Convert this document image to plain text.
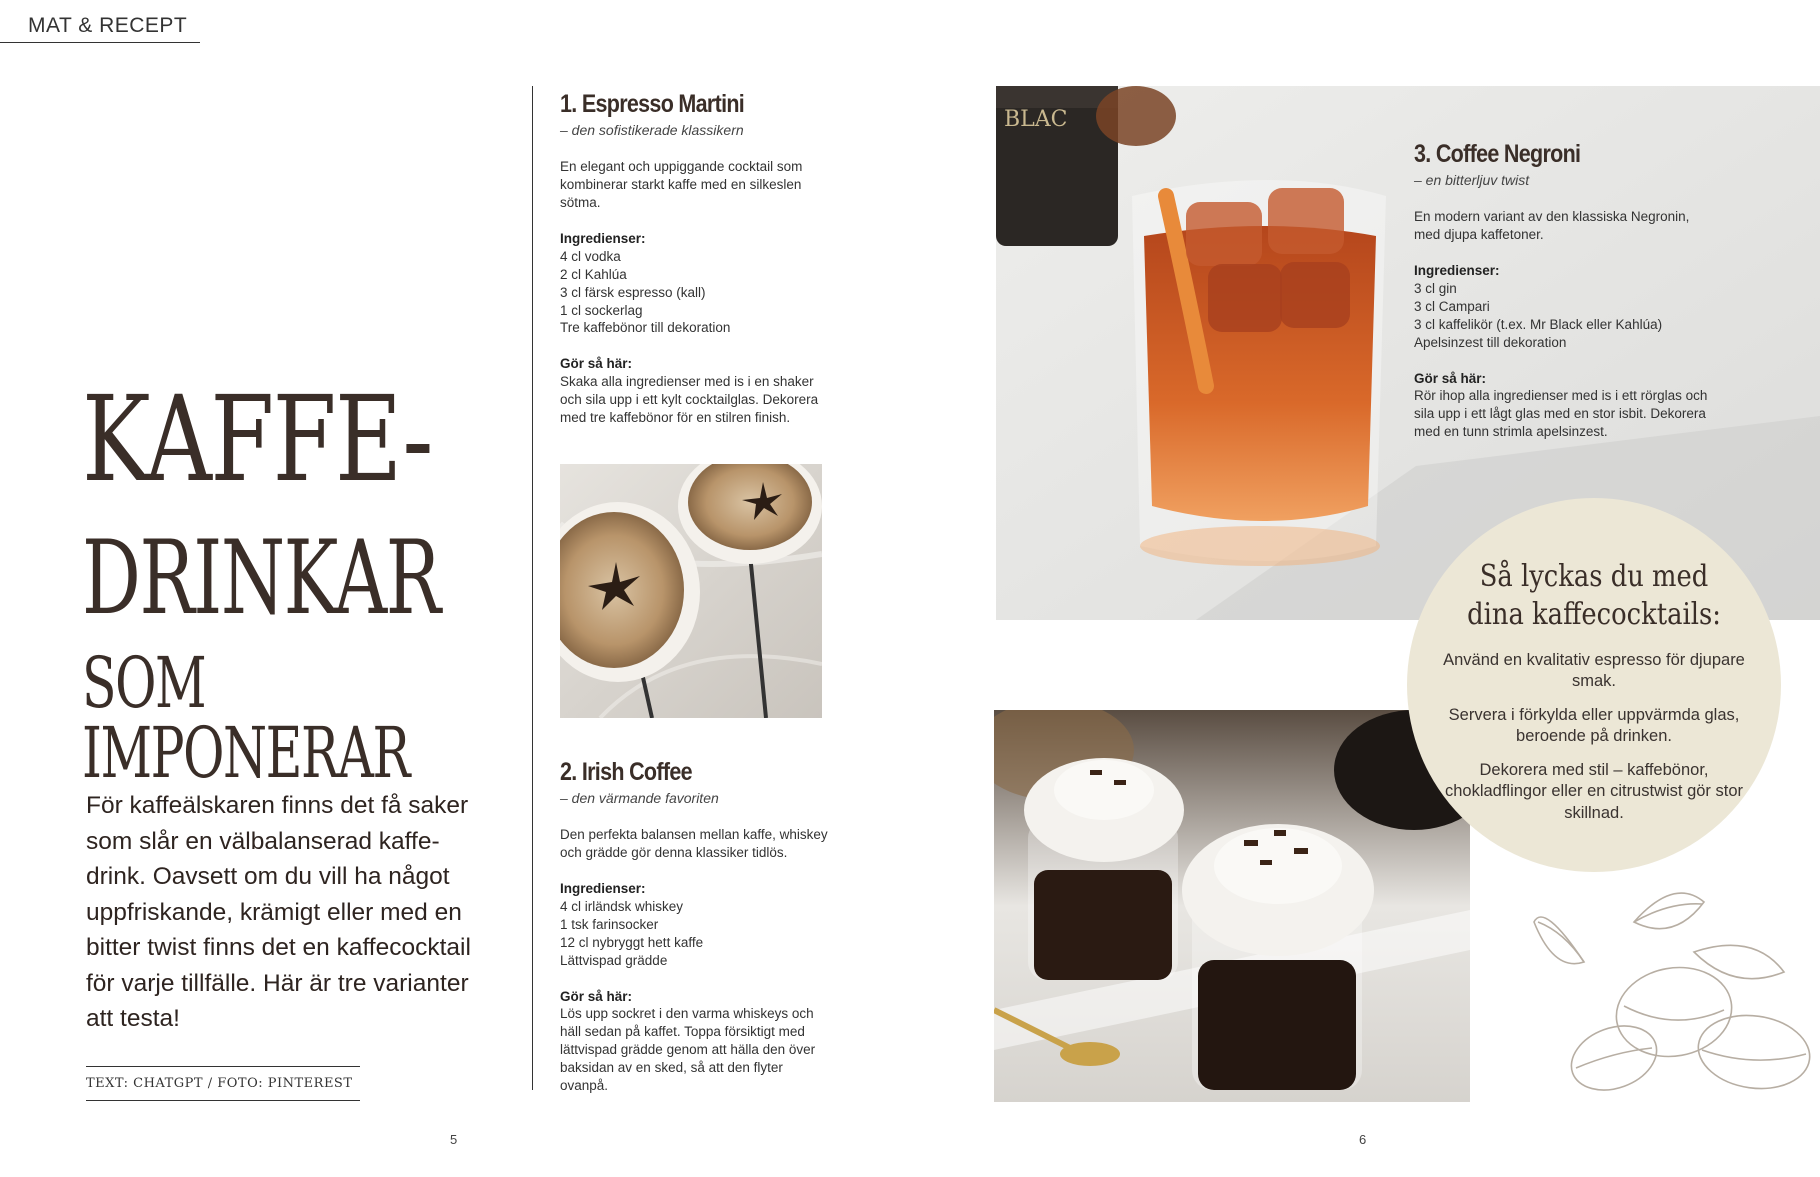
MAT & RECEPT
KAFFE-
DRINKAR
SOM IMPONERAR
För kaffeälskaren finns det få saker som slår en välbalanserad kaffe-drink. Oavsett om du vill ha något uppfriskande, krämigt eller med en bitter twist finns det en kaffecocktail för varje tillfälle. Här är tre varianter att testa!
TEXT: CHATGPT / FOTO: PINTEREST
1. Espresso Martini
– den sofistikerade klassikern
En elegant och uppiggande cocktail som kombinerar starkt kaffe med en silkeslen sötma.
Ingredienser:
4 cl vodka
2 cl Kahlúa
3 cl färsk espresso (kall)
1 cl sockerlag
Tre kaffebönor till dekoration
Gör så här:
Skaka alla ingredienser med is i en shaker och sila upp i ett kylt cocktailglas. Dekorera med tre kaffebönor för en stilren finish.
2. Irish Coffee
– den värmande favoriten
Den perfekta balansen mellan kaffe, whiskey och grädde gör denna klassiker tidlös.
Ingredienser:
4 cl irländsk whiskey
1 tsk farinsocker
12 cl nybryggt hett kaffe
Lättvispad grädde
Gör så här:
Lös upp sockret i den varma whiskeys och häll sedan på kaffet. Toppa försiktigt med lättvispad grädde genom att hälla den över baksidan av en sked, så att den flyter ovanpå.
BLAC
3. Coffee Negroni
– en bitterljuv twist
En modern variant av den klassiska Negronin, med djupa kaffetoner.
Ingredienser:
3 cl gin
3 cl Campari
3 cl kaffelikör (t.ex. Mr Black eller Kahlúa)
Apelsinzest till dekoration
Gör så här:
Rör ihop alla ingredienser med is i ett rörglas och sila upp i ett lågt glas med en stor isbit. Dekorera med en tunn strimla apelsinzest.
Så lyckas du med
dina kaffecocktails:
Använd en kvalitativ espresso för djupare smak.
Servera i förkylda eller uppvärmda glas, beroende på drinken.
Dekorera med stil – kaffebönor, chokladflingor eller en citrustwist gör stor skillnad.
5	6
